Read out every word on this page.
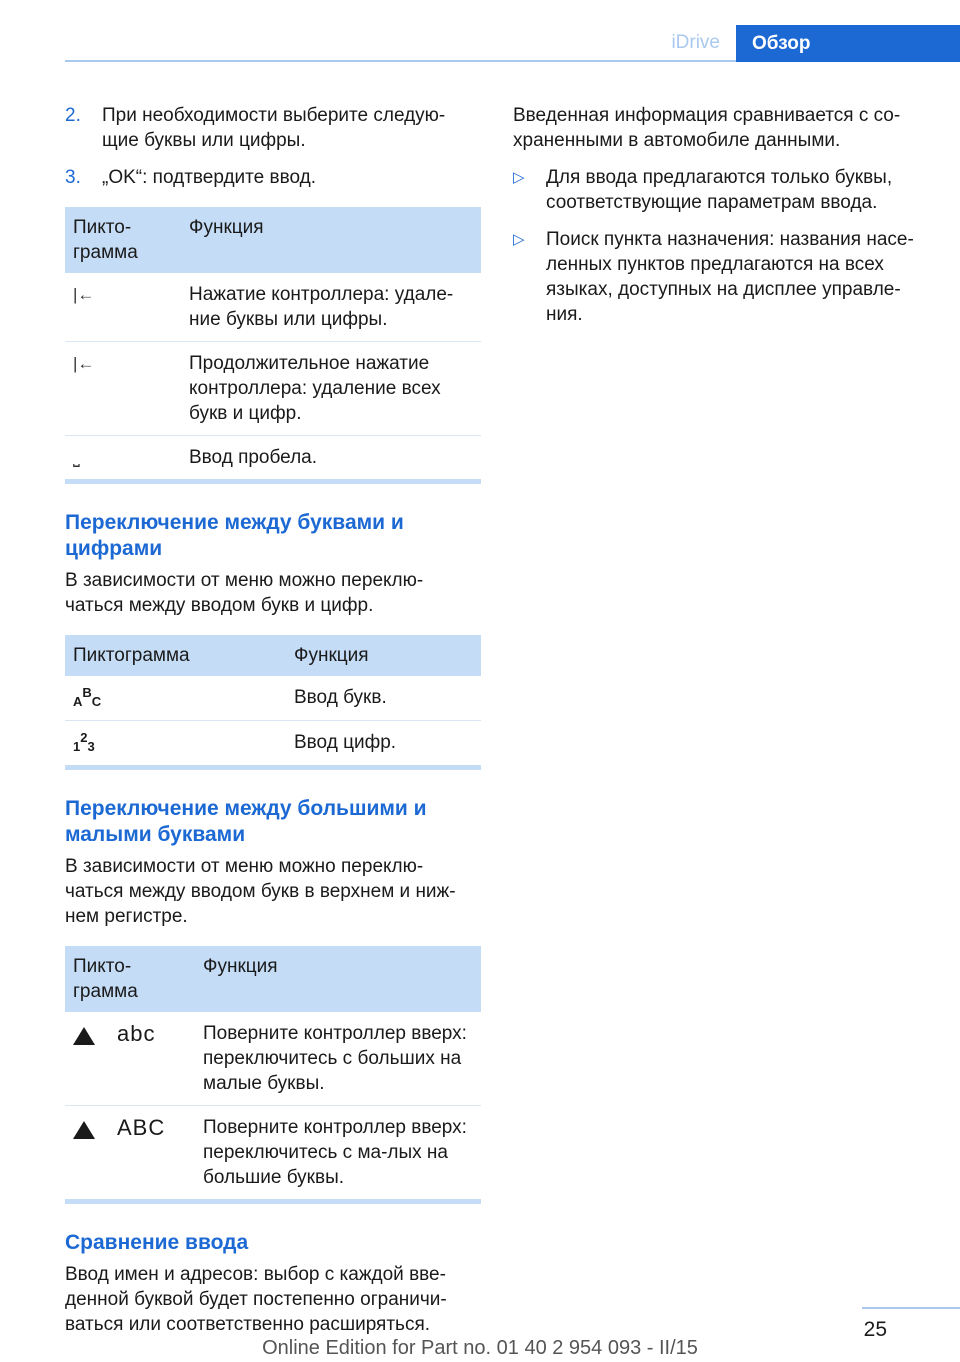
iDrive	Обзор
2.	При необходимости выберите следую-щие буквы или цифры.
3.	„OK“: подтвердите ввод.
Пикто-грамма	Функция
|←	Нажатие контроллера: удале-ние буквы или цифры.
|←	Продолжительное нажатие контроллера: удаление всех букв и цифр.
⎵	Ввод пробела.
Переключение между буквами и цифрами

В зависимости от меню можно переклю-чаться между вводом букв и цифр.

Пиктограмма	Функция
$A^BC$	Ввод букв.
$1^23$	Ввод цифр.
Переключение между большими и малыми буквами

В зависимости от меню можно переклю-чаться между вводом букв в верхнем и ниж-нем регистре.

Пикто-грамма	Функция
abc	Поверните контроллер вверх: переключитесь с больших на малые буквы.
ABC	Поверните контроллер вверх: переключитесь с ма-лых на большие буквы.
Сравнение ввода

Ввод имен и адресов: выбор с каждой вве-денной буквой будет постепенно ограничи-ваться или соответственно расширяться.

Введенная информация сравнивается с со-храненными в автомобиле данными.

▷	Для ввода предлагаются только буквы, соответствующие параметрам ввода.
▷	Поиск пункта назначения: названия насе-ленных пунктов предлагаются на всех языках, доступных на дисплее управле-ния.
25
Online Edition for Part no. 01 40 2 954 093 - II/15
